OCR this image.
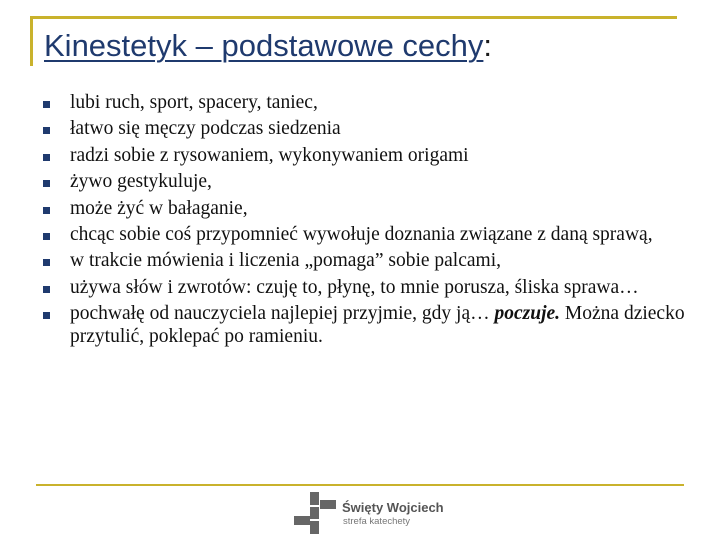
Kinestetyk – podstawowe cechy:
lubi ruch, sport, spacery, taniec,
łatwo się męczy podczas siedzenia
radzi sobie z rysowaniem, wykonywaniem origami
żywo gestykuluje,
może żyć w bałaganie,
chcąc sobie coś przypomnieć wywołuje doznania związane z daną sprawą,
w trakcie mówienia i liczenia „pomaga” sobie palcami,
używa słów i zwrotów: czuję to, płynę, to mnie porusza, śliska sprawa…
pochwałę od nauczyciela najlepiej przyjmie, gdy ją… poczuje. Można dziecko przytulić, poklepać po ramieniu.
Święty Wojciech
strefa katechety
